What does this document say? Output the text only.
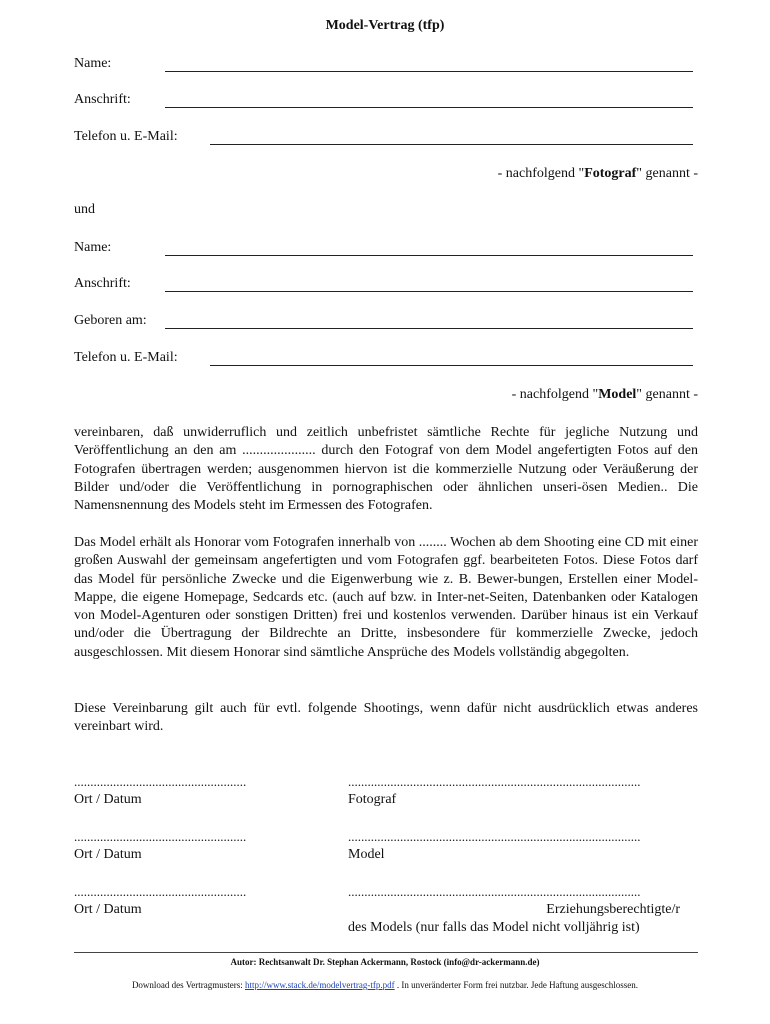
Model-Vertrag (tfp)
Name:
Anschrift:
Telefon u. E-Mail:
- nachfolgend "Fotograf" genannt -
und
Name:
Anschrift:
Geboren am:
Telefon u. E-Mail:
- nachfolgend "Model" genannt -
vereinbaren, daß unwiderruflich und zeitlich unbefristet sämtliche Rechte für jegliche Nutzung und Veröffentlichung an den am ..................... durch den Fotograf von dem Model angefertigten Fotos auf den Fotografen übertragen werden; ausgenommen hiervon ist die kommerzielle Nutzung oder Veräußerung der Bilder und/oder die Veröffentlichung in pornographischen oder ähnlichen unseri-ösen Medien.. Die Namensnennung des Models steht im Ermessen des Fotografen.
Das Model erhält als Honorar vom Fotografen innerhalb von ........ Wochen ab dem Shooting eine CD mit einer großen Auswahl der gemeinsam angefertigten und vom Fotografen ggf. bearbeiteten Fotos. Diese Fotos darf das Model für persönliche Zwecke und die Eigenwerbung wie z. B. Bewer-bungen, Erstellen einer Model-Mappe, die eigene Homepage, Sedcards etc. (auch auf bzw. in Inter-net-Seiten, Datenbanken oder Katalogen von Model-Agenturen oder sonstigen Dritten) frei und kostenlos verwenden. Darüber hinaus ist ein Verkauf und/oder die Übertragung der Bildrechte an Dritte, insbesondere für kommerzielle Zwecke, jedoch ausgeschlossen. Mit diesem Honorar sind sämtliche Ansprüche des Models vollständig abgegolten.
Diese Vereinbarung gilt auch für evtl. folgende Shootings, wenn dafür nicht ausdrücklich etwas anderes vereinbart wird.
.....................................................	..........................................................................................
Ort / Datum	Fotograf
.....................................................	..........................................................................................
Ort / Datum	Model
.....................................................	..........................................................................................
Ort / Datum	Erziehungsberechtigte/r
des Models (nur falls das Model nicht volljährig ist)
Autor: Rechtsanwalt Dr. Stephan Ackermann, Rostock (info@dr-ackermann.de)
Download des Vertragmusters: http://www.stack.de/modelvertrag-tfp.pdf . In unveränderter Form frei nutzbar. Jede Haftung ausgeschlossen.
